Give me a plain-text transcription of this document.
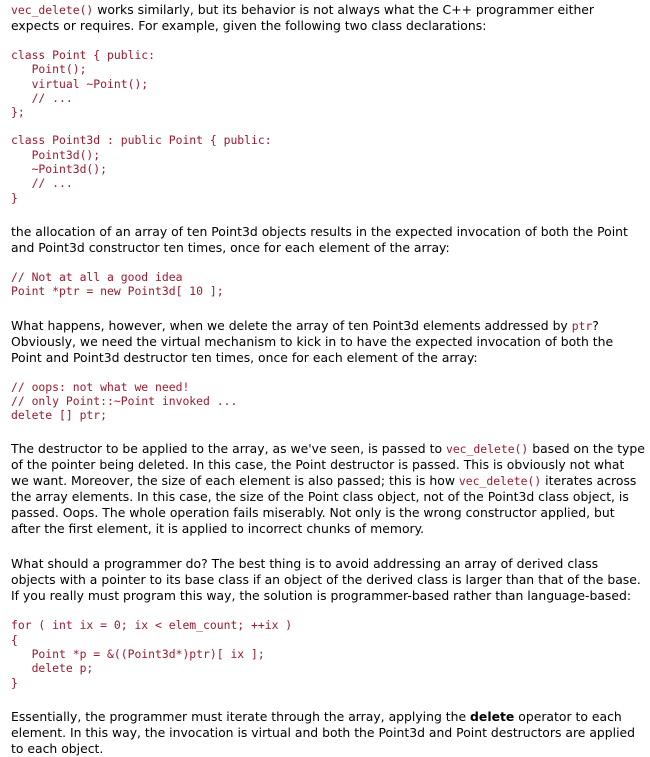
vec_delete() works similarly, but its behavior is not always what the C++ programmer either expects or requires. For example, given the following two class declarations:

class Point { public:
Point();
virtual ~Point();
// ...
};
class Point3d : public Point { public:
Point3d();
~Point3d();
// ...
}

the allocation of an array of ten Point3d objects results in the expected invocation of both the Point and Point3d constructor ten times, once for each element of the array:

// Not at all a good idea
Point *ptr = new Point3d[ 10 ];

What happens, however, when we delete the array of ten Point3d elements addressed by ptr? Obviously, we need the virtual mechanism to kick in to have the expected invocation of both the Point and Point3d destructor ten times, once for each element of the array:

// oops: not what we need!
// only Point::~Point invoked ...
delete [] ptr;

The destructor to be applied to the array, as we've seen, is passed to vec_delete() based on the type of the pointer being deleted. In this case, the Point destructor is passed. This is obviously not what we want. Moreover, the size of each element is also passed; this is how vec_delete() iterates across the array elements. In this case, the size of the Point class object, not of the Point3d class object, is passed. Oops. The whole operation fails miserably. Not only is the wrong constructor applied, but after the first element, it is applied to incorrect chunks of memory.

What should a programmer do? The best thing is to avoid addressing an array of derived class objects with a pointer to its base class if an object of the derived class is larger than that of the base. If you really must program this way, the solution is programmer-based rather than language-based:

for ( int ix = 0; ix < elem_count; ++ix )
{
Point *p = &((Point3d*)ptr)[ ix ];
delete p;
}

Essentially, the programmer must iterate through the array, applying the delete operator to each element. In this way, the invocation is virtual and both the Point3d and Point destructors are applied to each object.
